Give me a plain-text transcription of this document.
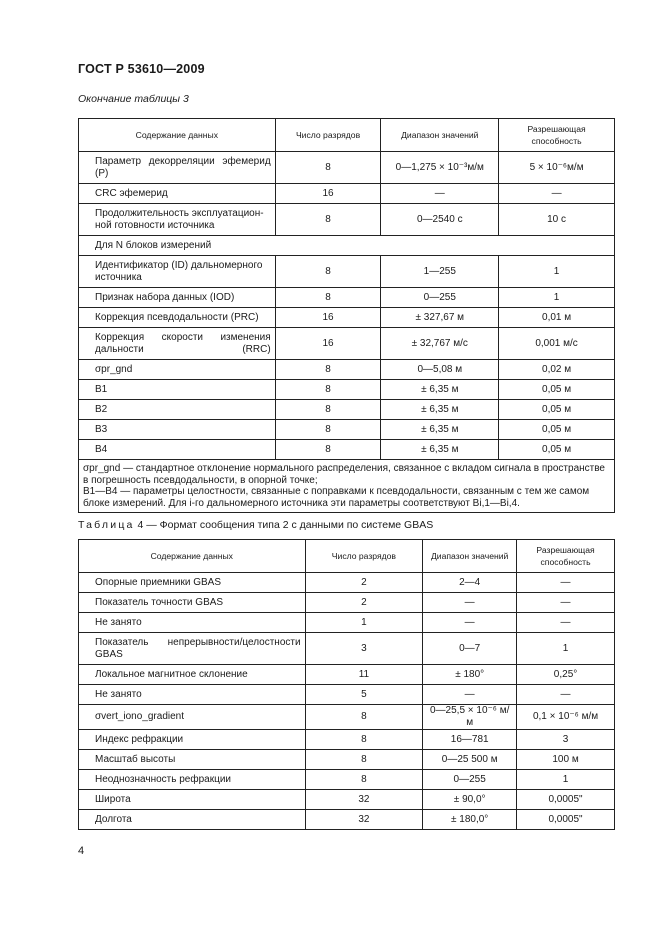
ГОСТ Р 53610—2009
Окончание таблицы 3
Содержание данных	Число разрядов	Диапазон значений	Разрешающая способность
Параметр декорреляции эфемерид (Р)	8	0—1,275 × 10⁻³м/м	5 × 10⁻⁶м/м
CRC эфемерид	16	—	—
Продолжительность эксплуатацион-ной готовности источника	8	0—2540 с	10 с
Для N блоков измерений			
Идентификатор (ID) дальномерного источника	8	1—255	1
Признак набора данных (IOD)	8	0—255	1
Коррекция псевдодальности (PRC)	16	± 327,67 м	0,01 м
Коррекция скорости изменения дальности (RRC)	16	± 32,767 м/с	0,001 м/с
σpr_gnd	8	0—5,08 м	0,02 м
B1	8	± 6,35 м	0,05 м
B2	8	± 6,35 м	0,05 м
B3	8	± 6,35 м	0,05 м
B4	8	± 6,35 м	0,05 м

σpr_gnd — стандартное отклонение нормального распределения, связанное с вкладом сигнала в пространстве в погрешность псевдодальности, в опорной точке;
B1—B4 — параметры целостности, связанные с поправками к псевдодальности, связанным с тем же самом блоке измерений. Для i-го дальномерного источника эти параметры соответствуют Bi,1—Bi,4.			
Таблица 4 — Формат сообщения типа 2 с данными по системе GBAS
Содержание данных	Число разрядов	Диапазон значений	Разрешающая способность
Опорные приемники GBAS	2	2—4	—
Показатель точности GBAS	2	—	—
Не занято	1	—	—
Показатель непрерывности/целостности GBAS	3	0—7	1
Локальное магнитное склонение	11	± 180°	0,25°
Не занято	5	—	—
σvert_iono_gradient	8	0—25,5 × 10⁻⁶ м/м	0,1 × 10⁻⁶ м/м
Индекс рефракции	8	16—781	3
Масштаб высоты	8	0—25 500 м	100 м
Неоднозначность рефракции	8	0—255	1
Широта	32	± 90,0°	0,0005"
Долгота	32	± 180,0°	0,0005"
4
